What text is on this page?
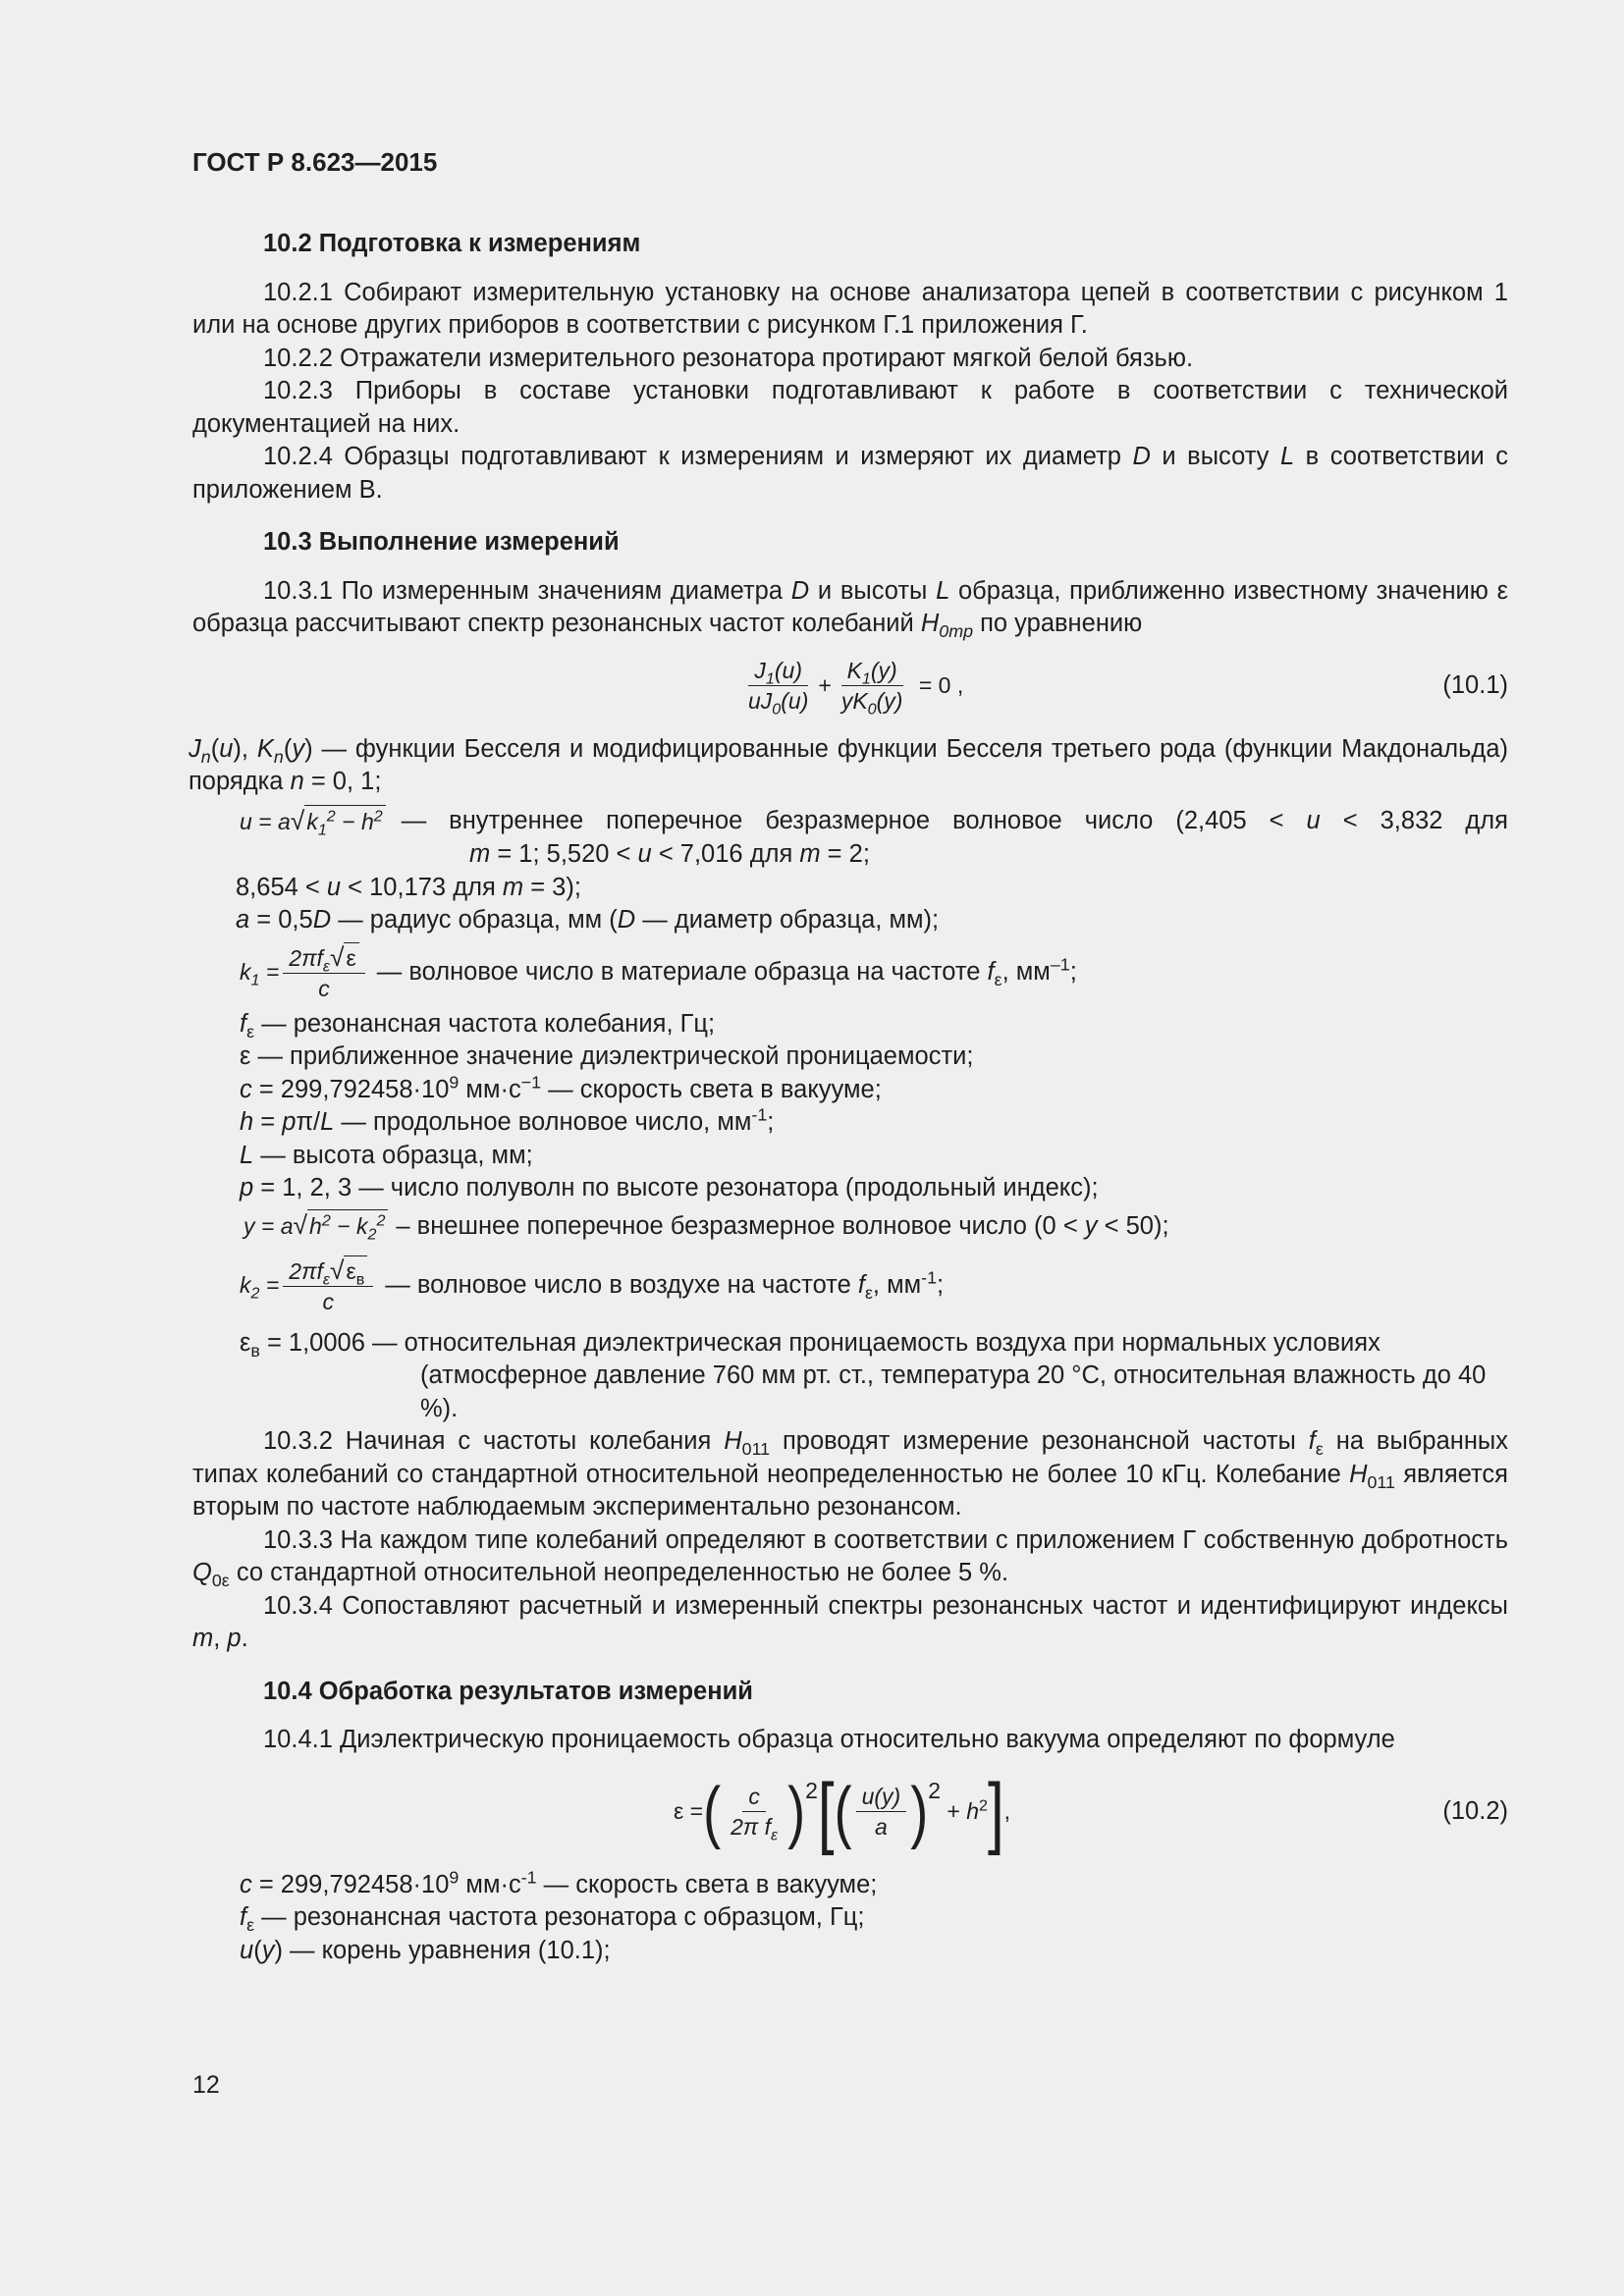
ГОСТ Р 8.623—2015

10.2 Подготовка к измерениям

10.2.1 Собирают измерительную установку на основе анализатора цепей в соответствии с рисунком 1 или на основе других приборов в соответствии с рисунком Г.1 приложения Г.

10.2.2 Отражатели измерительного резонатора протирают мягкой белой бязью.

10.2.3 Приборы в составе установки подготавливают к работе в соответствии с технической документацией на них.

10.2.4 Образцы подготавливают к измерениям и измеряют их диаметр D и высоту L в соответствии с приложением В.

10.3 Выполнение измерений

10.3.1 По измеренным значениям диаметра D и высоты L образца, приближенно известному значению ε образца рассчитывают спектр резонансных частот колебаний $H_{0mp}$ по уравнению

$\frac{J_1(u)}{uJ_0(u)} + \frac{K_1(y)}{yK_0(y)} = 0$ ,	(10.1)

$J_n(u)$, $K_n(y)$ — функции Бесселя и модифицированные функции Бесселя третьего рода (функции Макдональда) порядка n = 0, 1;

$u = a√k_1^2 - h^2$ — внутреннее поперечное безразмерное волновое число (2,405 < u < 3,832 для

m = 1; 5,520 < u < 7,016 для m = 2;

8,654 < u < 10,173 для m = 3);

a = 0,5D — радиус образца, мм (D — диаметр образца, мм);

$k_1 = \frac{2\pi f_\varepsilon√\varepsilon}{c}$ — волновое число в материале образца на частоте $f_\varepsilon$, $мм^{-1}$;

$f_\varepsilon$ — резонансная частота колебания, Гц;

ε — приближенное значение диэлектрической проницаемости;

$c = 299,792458\cdot 10^9$ $мм\cdot с^{-1}$ — скорость света в вакууме;

h = pπ/L — продольное волновое число, $мм^{-1}$;

L — высота образца, мм;

p = 1, 2, 3 — число полуволн по высоте резонатора (продольный индекс);

$y = a√h^2 - k_2^2$ – внешнее поперечное безразмерное волновое число (0 < y < 50);

$k_2 = \frac{2\pi f_\varepsilon√\varepsilon_в}{c}$ — волновое число в воздухе на частоте $f_\varepsilon$, $мм^{-1}$;

$\varepsilon_в = 1,0006$ — относительная диэлектрическая проницаемость воздуха при нормальных условиях (атмосферное давление 760 мм рт. ст., температура 20 °С, относительная влажность до 40 %).

10.3.2 Начиная с частоты колебания $H_{011}$ проводят измерение резонансной частоты $f_\varepsilon$ на выбранных типах колебаний со стандартной относительной неопределенностью не более 10 кГц. Колебание $H_{011}$ является вторым по частоте наблюдаемым экспериментально резонансом.

10.3.3 На каждом типе колебаний определяют в соответствии с приложением Г собственную добротность $Q_{0\varepsilon}$ со стандартной относительной неопределенностью не более 5 %.

10.3.4 Сопоставляют расчетный и измеренный спектры резонансных частот и идентифицируют индексы m, p.

10.4 Обработка результатов измерений

10.4.1 Диэлектрическую проницаемость образца относительно вакуума определяют по формуле

ε = ( $\frac{c}{2\pi f_\varepsilon} )^2$ [ ( $\frac{u(y)}{a} )^2$
+ $h^2$ ] ,	(10.2)

$c = 299,792458\cdot 10^9$ $мм\cdot с^{-1}$ — скорость света в вакууме;

$f_\varepsilon$ — резонансная частота резонатора с образцом, Гц;

u(y) — корень уравнения (10.1);

12
